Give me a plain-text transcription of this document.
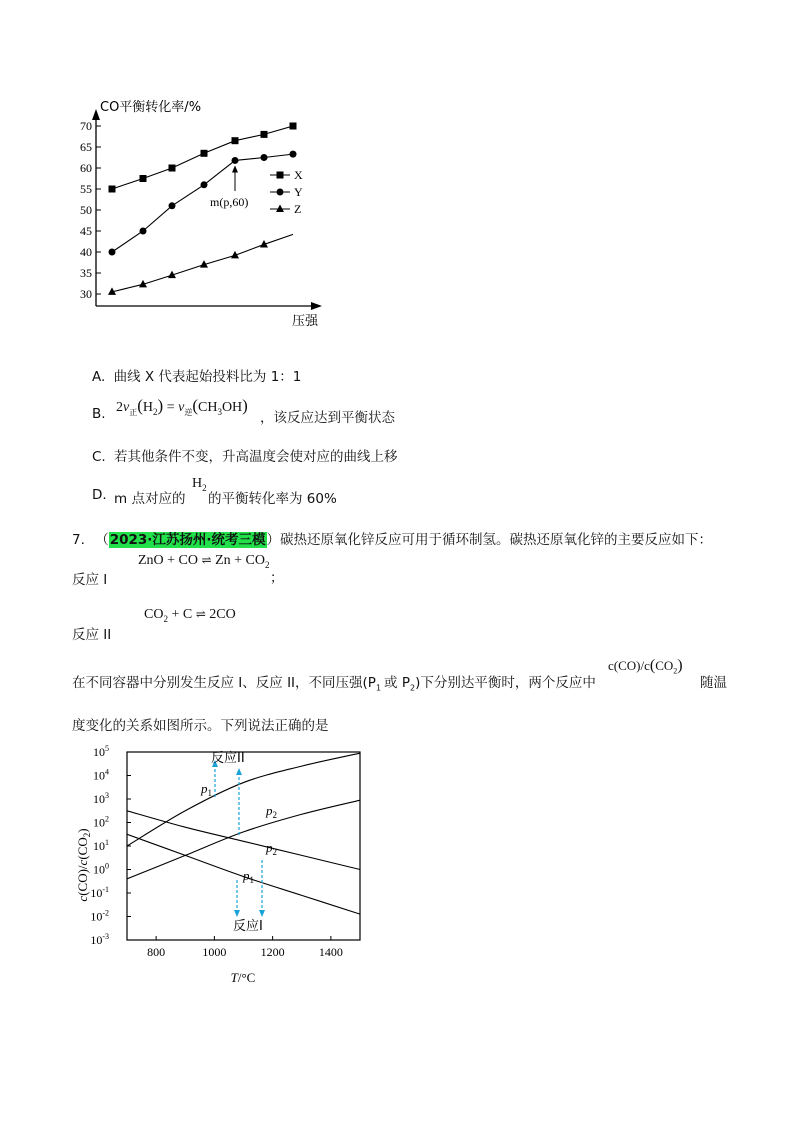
CO平衡转化率/%
压强
30
35
40
45
50
55
60
65
70
X
Y
Z
m(p,60)
A. 曲线 X 代表起始投料比为 1：1
B. $2v_正(H_2) = v_逆(CH_3OH)$
，该反应达到平衡状态
C. 若其他条件不变，升高温度会使对应的曲线上移
D. m 点对应的
$H_2$
的平衡转化率为 60%
7. （2023·江苏扬州·统考三模）碳热还原氧化锌反应可用于循环制氢。碳热还原氧化锌的主要反应如下：
反应 I
ZnO + CO ⇌ $Zn + CO_2$
；
反应 II
$CO_2 + C$ ⇌ 2CO
在不同容器中分别发生反应 I、反应 II，不同压强($P_1$ 或 $P_2$)下分别达平衡时，两个反应中
$c(CO)/c(CO_2)$
随温
度变化的关系如图所示。下列说法正确的是
$c(CO)/c(CO_2)$
800	1000	1200	1400
$10^{-3}$
$10^{-2}$
$10^{-1}$
$10^0$
$10^1$
$10^2$
$10^3$
$10^4$
$10^5$
反应II
反应I
$p_1$
$p_2$
$p_2$
$p_1$
T/°C
